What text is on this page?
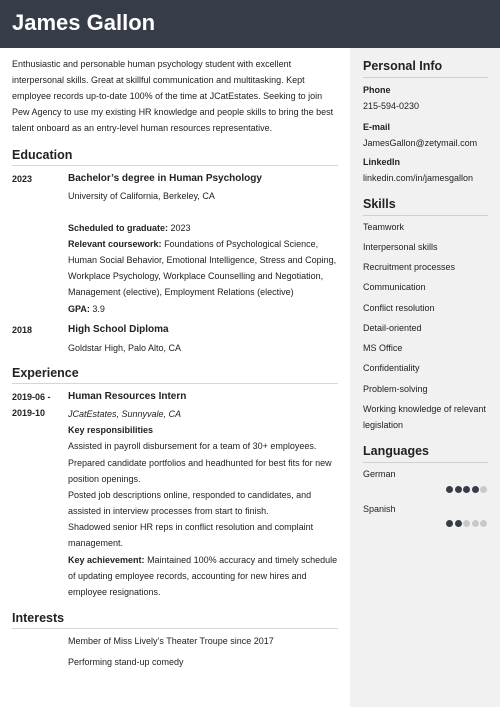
James Gallon

Enthusiastic and personable human psychology student with excellent interpersonal skills. Great at skillful communication and multitasking. Kept employee records up-to-date 100% of the time at JCatEstates. Seeking to join Pew Agency to use my existing HR knowledge and people skills to bring the best talent onboard as an entry-level human resources representative.

Education
2023	Bachelor’s degree in Human Psychology
University of California, Berkeley, CA
Scheduled to graduate: 2023
Relevant coursework: Foundations of Psychological Science, Human Social Behavior, Emotional Intelligence, Stress and Coping, Workplace Psychology, Workplace Counselling and Negotiation, Management (elective), Employment Relations (elective)
GPA: 3.9
2018	High School Diploma
Goldstar High, Palo Alto, CA
Experience
2019-06 -
2019-10
Human Resources Intern
JCatEstates, Sunnyvale, CA
Key responsibilities
Assisted in payroll disbursement for a team of 30+ employees.
Prepared candidate portfolios and headhunted for best fits for new position openings.
Posted job descriptions online, responded to candidates, and assisted in interview processes from start to finish.
Shadowed senior HR reps in conflict resolution and complaint management.
Key achievement: Maintained 100% accuracy and timely schedule of updating employee records, accounting for new hires and employee resignations.
Interests
Member of Miss Lively’s Theater Troupe since 2017
Performing stand-up comedy
Personal Info
Phone
215-594-0230
E-mail
JamesGallon@zetymail.com
LinkedIn
linkedin.com/in/jamesgallon
Skills
Teamwork
Interpersonal skills
Recruitment processes
Communication
Conflict resolution
Detail-oriented
MS Office
Confidentiality
Problem-solving
Working knowledge of relevant legislation
Languages
German
Spanish
